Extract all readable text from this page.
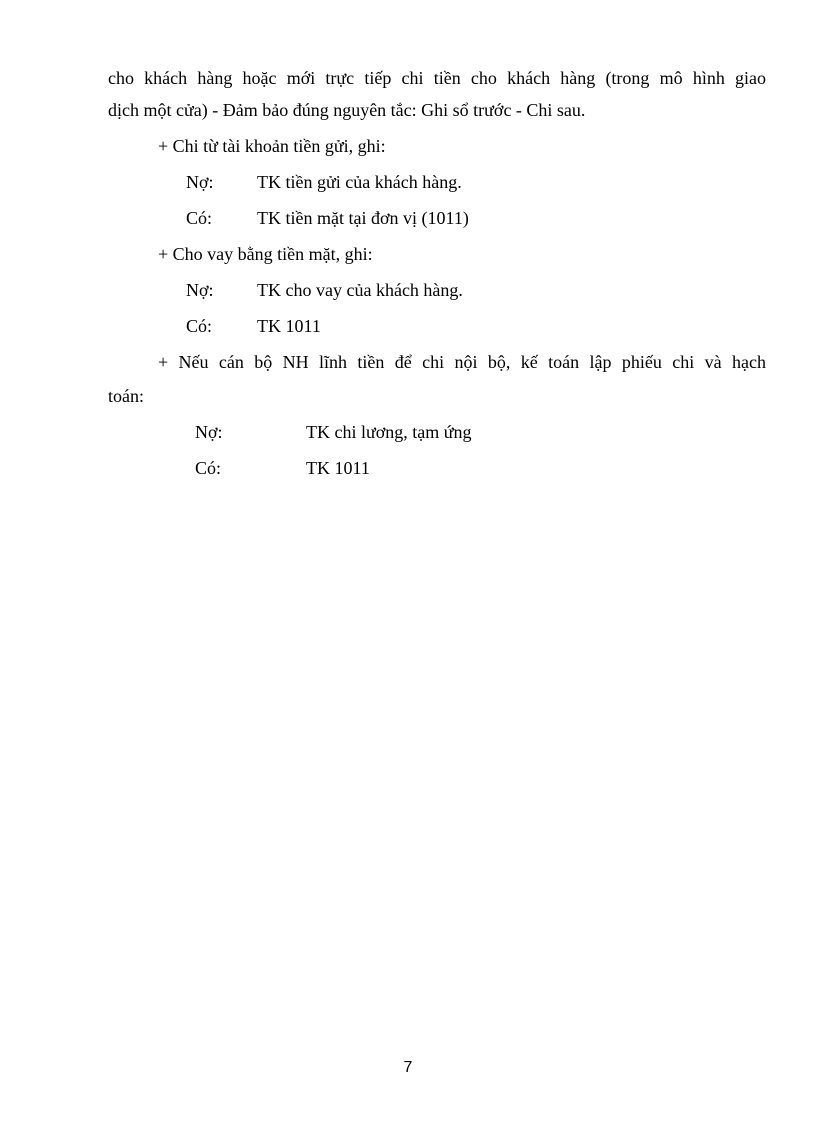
cho khách hàng hoặc mới trực tiếp chi tiền cho khách hàng (trong mô hình giao
dịch một cửa) - Đảm bảo đúng nguyên tắc: Ghi sổ trước - Chi sau.
+ Chi từ tài khoản tiền gửi, ghi:
Nợ: TK tiền gửi của khách hàng.
Có: TK tiền mặt tại đơn vị (1011)
+ Cho vay bằng tiền mặt, ghi:
Nợ: TK cho vay của khách hàng.
Có: TK 1011
+ Nếu cán bộ NH lĩnh tiền để chi nội bộ, kế toán lập phiếu chi và hạch
toán:
Nợ:	TK chi lương, tạm ứng
Có:	TK 1011
7
